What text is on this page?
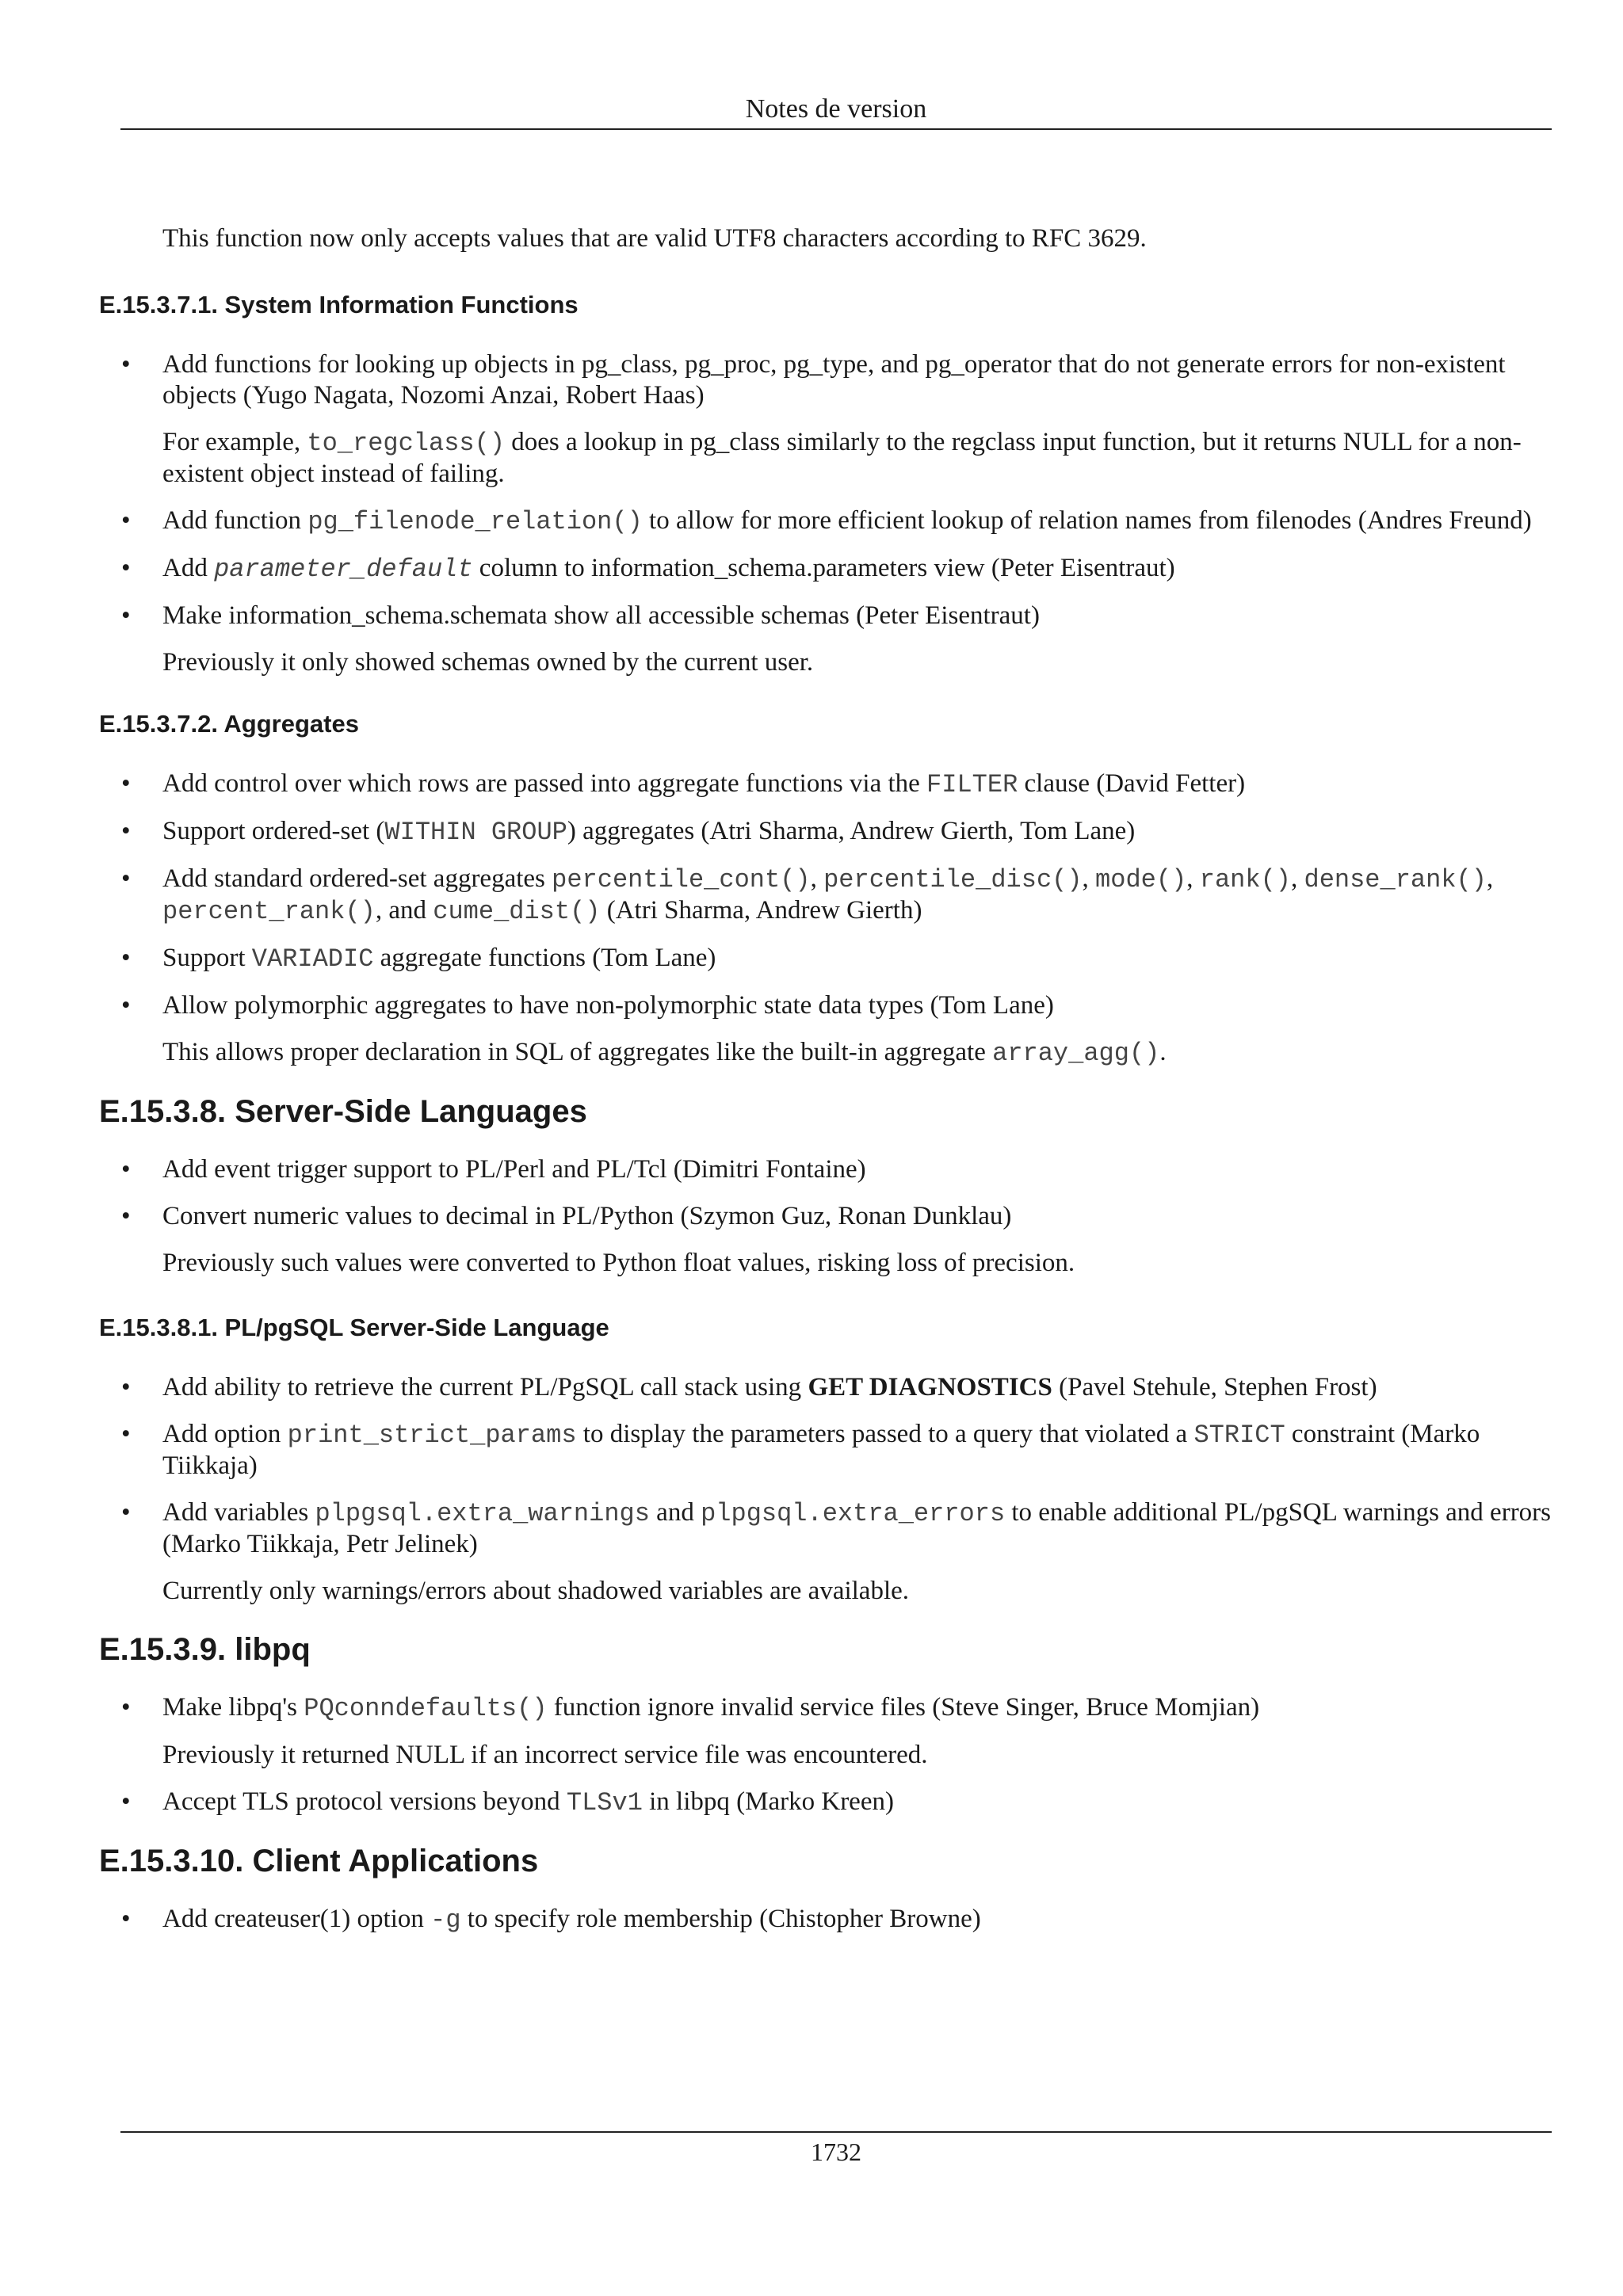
Notes de version

This function now only accepts values that are valid UTF8 characters according to RFC 3629.

E.15.3.7.1. System Information Functions
• Add functions for looking up objects in pg_class, pg_proc, pg_type, and pg_operator that do not generate errors for non-existent objects (Yugo Nagata, Nozomi Anzai, Robert Haas)

For example, to_regclass() does a lookup in pg_class similarly to the regclass input function, but it returns NULL for a non-existent object instead of failing.

• Add function pg_filenode_relation() to allow for more efficient lookup of relation names from filenodes (Andres Freund)

• Add parameter_default column to information_schema.parameters view (Peter Eisentraut)

• Make information_schema.schemata show all accessible schemas (Peter Eisentraut)

Previously it only showed schemas owned by the current user.

E.15.3.7.2. Aggregates
• Add control over which rows are passed into aggregate functions via the FILTER clause (David Fetter)

• Support ordered-set (WITHIN GROUP) aggregates (Atri Sharma, Andrew Gierth, Tom Lane)

• Add standard ordered-set aggregates percentile_cont(), percentile_disc(), mode(), rank(), dense_rank(), percent_rank(), and cume_dist() (Atri Sharma, Andrew Gierth)

• Support VARIADIC aggregate functions (Tom Lane)

• Allow polymorphic aggregates to have non-polymorphic state data types (Tom Lane)

This allows proper declaration in SQL of aggregates like the built-in aggregate array_agg().

E.15.3.8. Server-Side Languages
• Add event trigger support to PL/Perl and PL/Tcl (Dimitri Fontaine)

• Convert numeric values to decimal in PL/Python (Szymon Guz, Ronan Dunklau)

Previously such values were converted to Python float values, risking loss of precision.

E.15.3.8.1. PL/pgSQL Server-Side Language
• Add ability to retrieve the current PL/PgSQL call stack using GET DIAGNOSTICS (Pavel Stehule, Stephen Frost)

• Add option print_strict_params to display the parameters passed to a query that violated a STRICT constraint (Marko Tiikkaja)

• Add variables plpgsql.extra_warnings and plpgsql.extra_errors to enable additional PL/pgSQL warnings and errors (Marko Tiikkaja, Petr Jelinek)

Currently only warnings/errors about shadowed variables are available.

E.15.3.9. libpq
• Make libpq's PQconndefaults() function ignore invalid service files (Steve Singer, Bruce Momjian)

Previously it returned NULL if an incorrect service file was encountered.

• Accept TLS protocol versions beyond TLSv1 in libpq (Marko Kreen)

E.15.3.10. Client Applications
• Add createuser(1) option -g to specify role membership (Chistopher Browne)

1732
